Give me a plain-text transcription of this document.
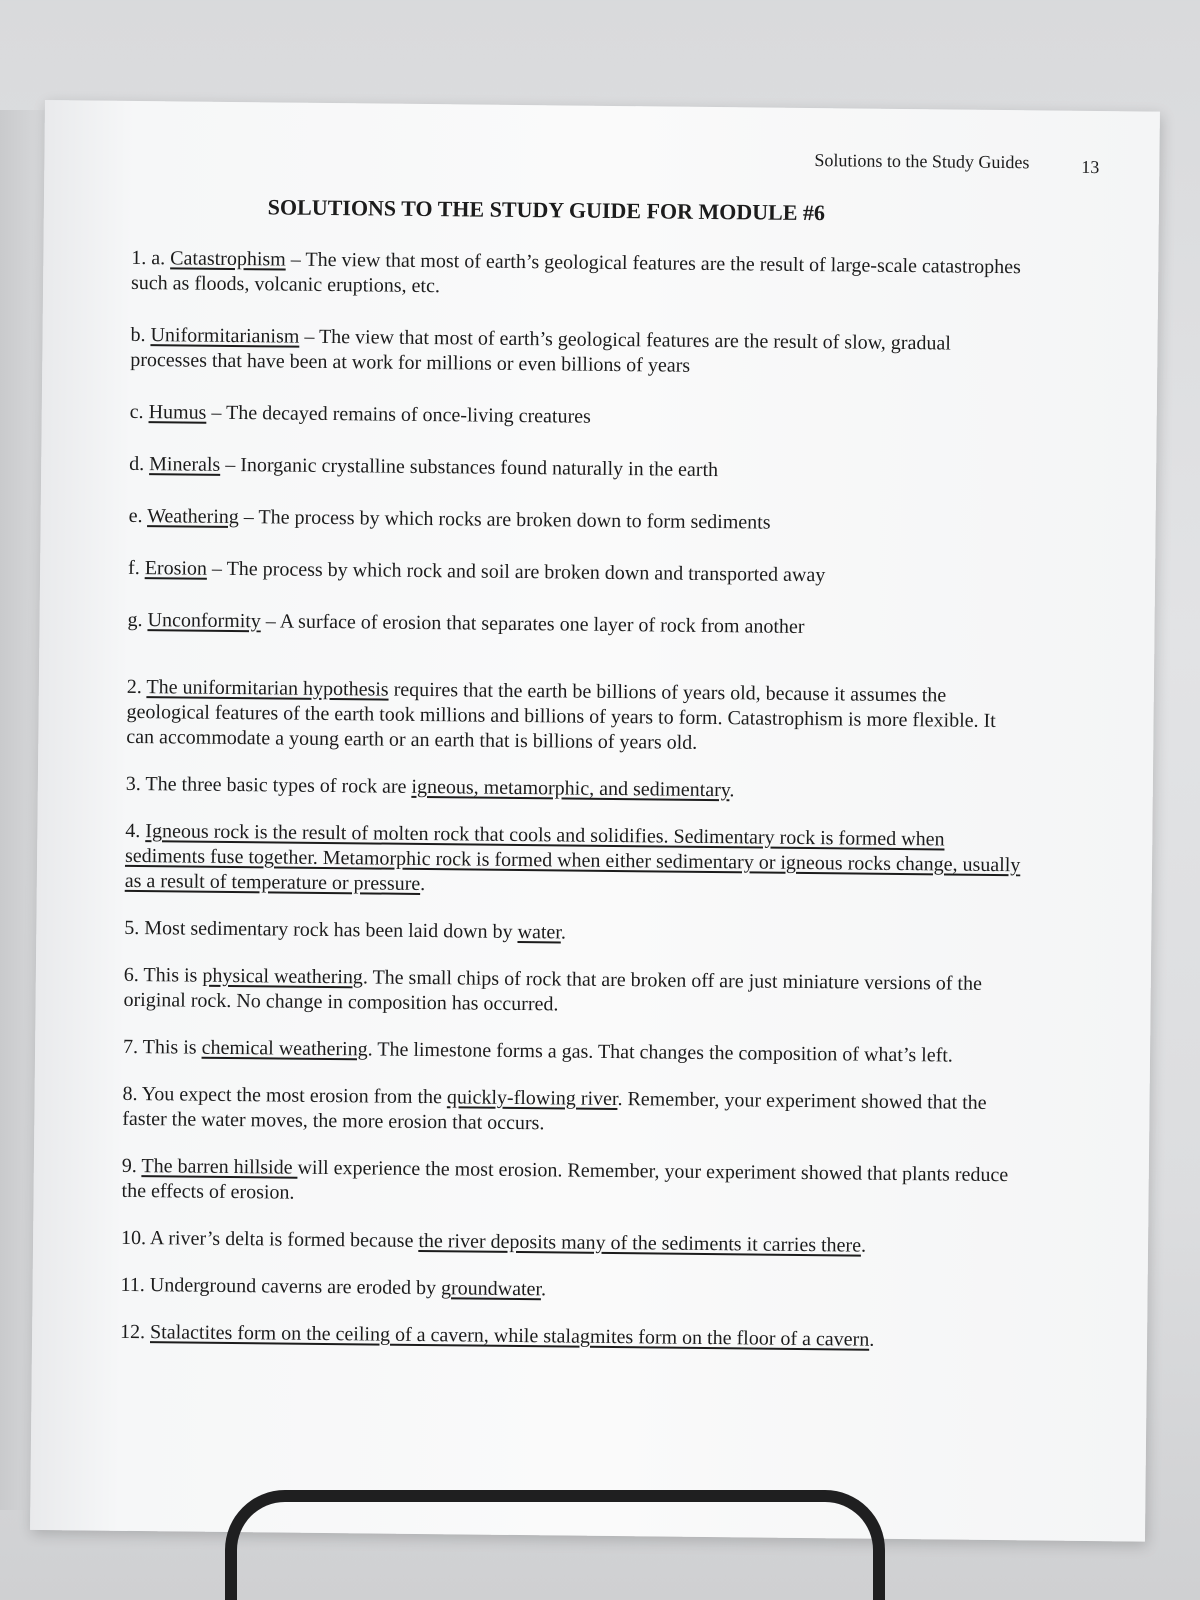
Solutions to the Study Guides	13
SOLUTIONS TO THE STUDY GUIDE FOR MODULE #6

1. a. Catastrophism – The view that most of earth’s geological features are the result of large-scale catastrophes such as floods, volcanic eruptions, etc.

b. Uniformitarianism – The view that most of earth’s geological features are the result of slow, gradual processes that have been at work for millions or even billions of years

c. Humus – The decayed remains of once-living creatures

d. Minerals – Inorganic crystalline substances found naturally in the earth

e. Weathering – The process by which rocks are broken down to form sediments

f. Erosion – The process by which rock and soil are broken down and transported away

g. Unconformity – A surface of erosion that separates one layer of rock from another

2. The uniformitarian hypothesis requires that the earth be billions of years old, because it assumes the geological features of the earth took millions and billions of years to form. Catastrophism is more flexible. It can accommodate a young earth or an earth that is billions of years old.

3. The three basic types of rock are igneous, metamorphic, and sedimentary.

4. Igneous rock is the result of molten rock that cools and solidifies. Sedimentary rock is formed when sediments fuse together. Metamorphic rock is formed when either sedimentary or igneous rocks change, usually as a result of temperature or pressure.

5. Most sedimentary rock has been laid down by water.

6. This is physical weathering. The small chips of rock that are broken off are just miniature versions of the original rock. No change in composition has occurred.

7. This is chemical weathering. The limestone forms a gas. That changes the composition of what’s left.

8. You expect the most erosion from the quickly-flowing river. Remember, your experiment showed that the faster the water moves, the more erosion that occurs.

9. The barren hillside will experience the most erosion. Remember, your experiment showed that plants reduce the effects of erosion.

10. A river’s delta is formed because the river deposits many of the sediments it carries there.

11. Underground caverns are eroded by groundwater.

12. Stalactites form on the ceiling of a cavern, while stalagmites form on the floor of a cavern.
